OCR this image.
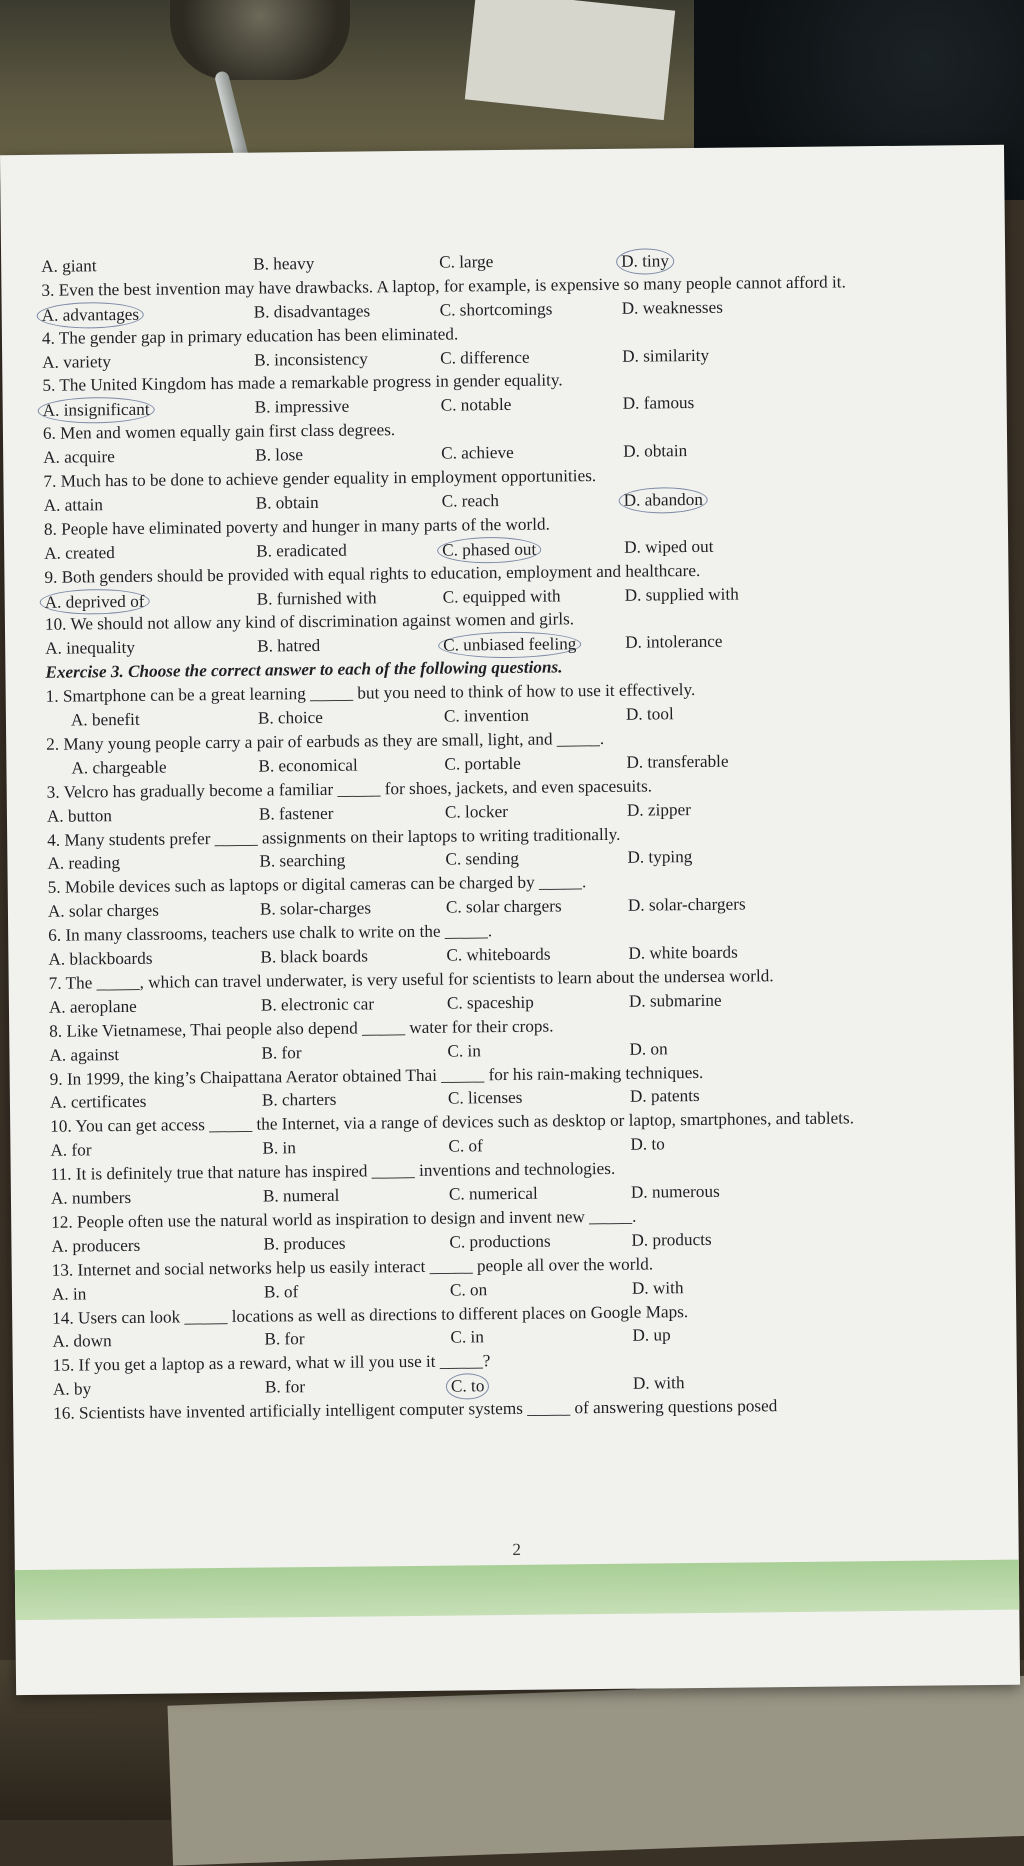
A. giant	B. heavy	C. large	D. tiny
3. Even the best invention may have drawbacks. A laptop, for example, is expensive so many people cannot afford it.
A. advantages	B. disadvantages	C. shortcomings	D. weaknesses
4. The gender gap in primary education has been eliminated.
A. variety	B. inconsistency	C. difference	D. similarity
5. The United Kingdom has made a remarkable progress in gender equality.
A. insignificant	B. impressive	C. notable	D. famous
6. Men and women equally gain first class degrees.
A. acquire	B. lose	C. achieve	D. obtain
7. Much has to be done to achieve gender equality in employment opportunities.
A. attain	B. obtain	C. reach	D. abandon
8. People have eliminated poverty and hunger in many parts of the world.
A. created	B. eradicated	C. phased out	D. wiped out
9. Both genders should be provided with equal rights to education, employment and healthcare.
A. deprived of	B. furnished with	C. equipped with	D. supplied with
10. We should not allow any kind of discrimination against women and girls.
A. inequality	B. hatred	C. unbiased feeling	D. intolerance
Exercise 3. Choose the correct answer to each of the following questions.
1. Smartphone can be a great learning _____ but you need to think of how to use it effectively.
A. benefit	B. choice	C. invention	D. tool
2. Many young people carry a pair of earbuds as they are small, light, and _____.
A. chargeable	B. economical	C. portable	D. transferable
3. Velcro has gradually become a familiar _____ for shoes, jackets, and even spacesuits.
A. button	B. fastener	C. locker	D. zipper
4. Many students prefer _____ assignments on their laptops to writing traditionally.
A. reading	B. searching	C. sending	D. typing
5. Mobile devices such as laptops or digital cameras can be charged by _____.
A. solar charges	B. solar-charges	C. solar chargers	D. solar-chargers
6. In many classrooms, teachers use chalk to write on the _____.
A. blackboards	B. black boards	C. whiteboards	D. white boards
7. The _____, which can travel underwater, is very useful for scientists to learn about the undersea world.
A. aeroplane	B. electronic car	C. spaceship	D. submarine
8. Like Vietnamese, Thai people also depend _____ water for their crops.
A. against	B. for	C. in	D. on
9. In 1999, the king’s Chaipattana Aerator obtained Thai _____ for his rain-making techniques.
A. certificates	B. charters	C. licenses	D. patents
10. You can get access _____ the Internet, via a range of devices such as desktop or laptop, smartphones, and tablets.
A. for	B. in	C. of	D. to
11. It is definitely true that nature has inspired _____ inventions and technologies.
A. numbers	B. numeral	C. numerical	D. numerous
12. People often use the natural world as inspiration to design and invent new _____.
A. producers	B. produces	C. productions	D. products
13. Internet and social networks help us easily interact _____ people all over the world.
A. in	B. of	C. on	D. with
14. Users can look _____ locations as well as directions to different places on Google Maps.
A. down	B. for	C. in	D. up
15. If you get a laptop as a reward, what w ill you use it _____?
A. by	B. for	C. to	D. with
16. Scientists have invented artificially intelligent computer systems _____ of answering questions posed
2
